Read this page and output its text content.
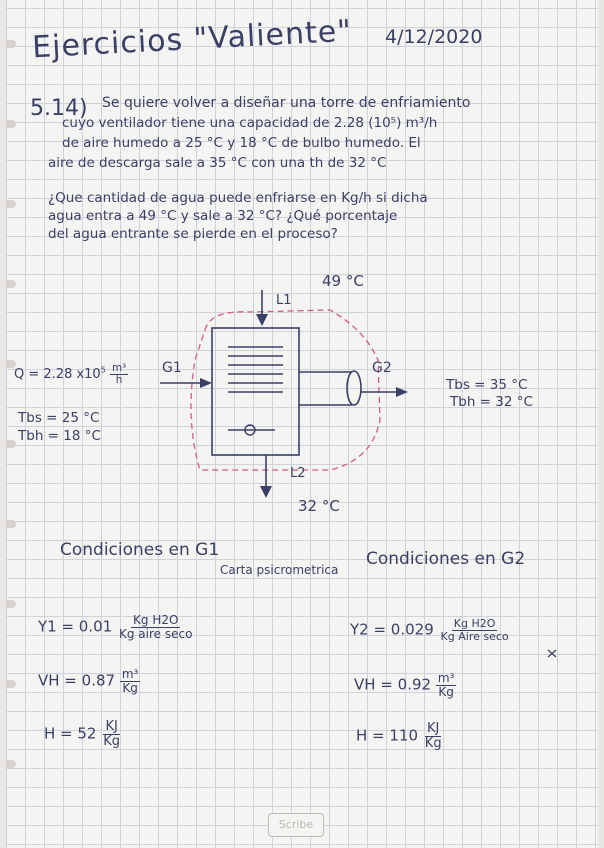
Ejercicios "Valiente" 4/12/2020
5.14) Se quiere volver a diseñar una torre de enfriamiento
cuyo ventilador tiene una capacidad de 2.28 (10⁵) m³/h
de aire humedo a 25 °C y 18 °C de bulbo humedo. El
aire de descarga sale a 35 °C con una th de 32 °C
¿Que cantidad de agua puede enfriarse en Kg/h si dicha
agua entra a 49 °C y sale a 32 °C? ¿Qué porcentaje
del agua entrante se pierde en el proceso?
49 °C
L1
L2
32 °C
G1	G2
Q = 2.28 $x10^5 \frac{\text{m³}}{h}$
Tbs = 25 °C
Tbh = 18 °C
Tbs = 35 °C
Tbh = 32 °C
Condiciones en G1	Condiciones en G2
Carta psicrometrica
$Y1 = 0.01 \frac{\text{Kg H2O}}{\text{Kg aire seco}}$
VH = $0.87 \frac{\text{m³}}{Kg}$
$H = 52 \frac{KJ}{Kg}$
$Y2 = 0.029 \frac{\text{Kg H2O}}{\text{Kg Aire seco}}$
VH = $0.92 \frac{\text{m³}}{Kg}$
$H = 110 \frac{KJ}{Kg}$
Scribe
